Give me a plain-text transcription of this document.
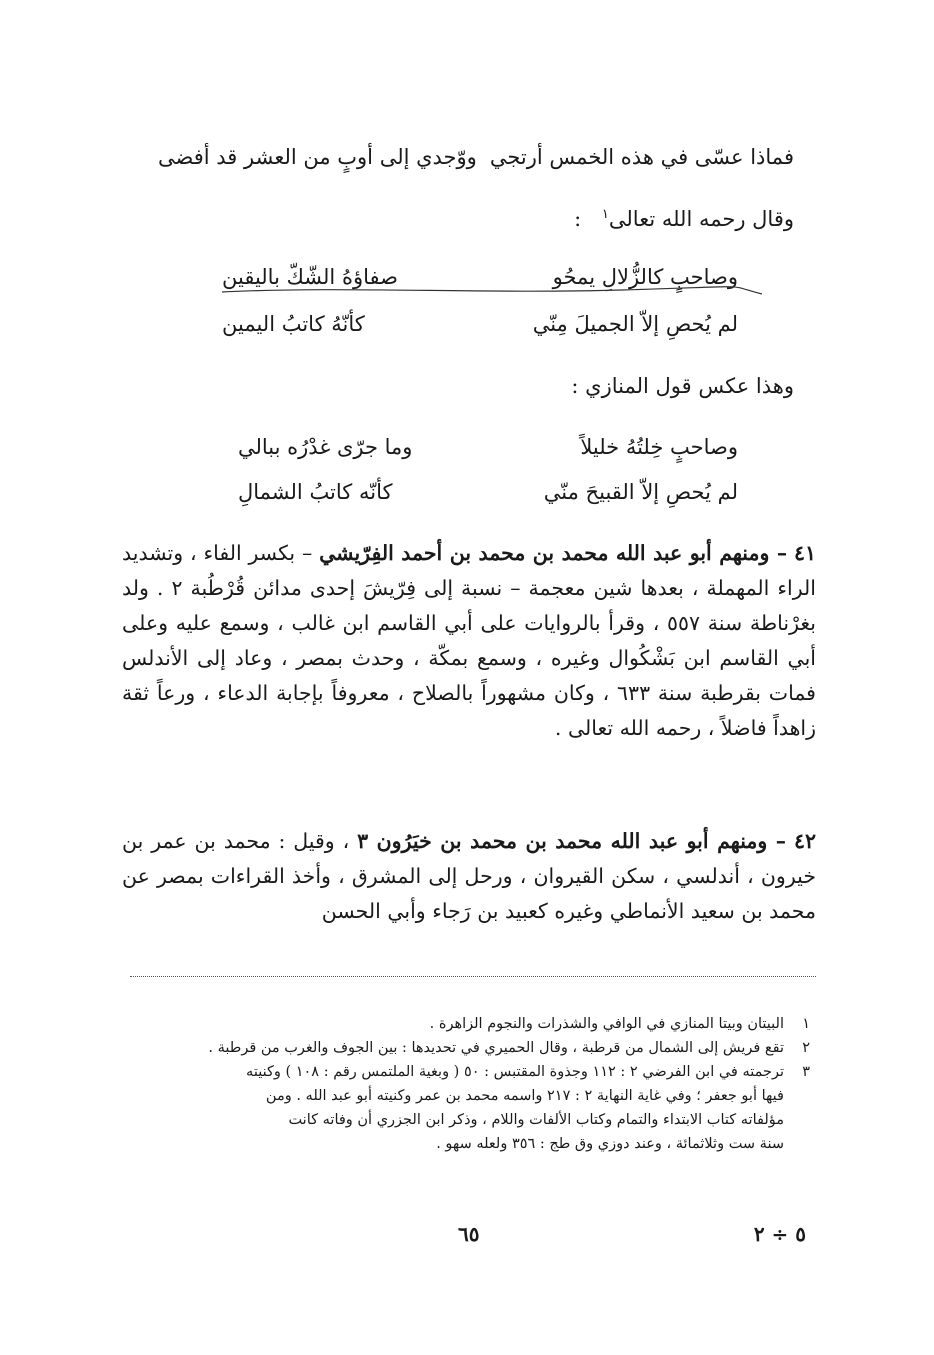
فماذا عسّى في هذه الخمس أرتجي
ووّجدي إلى أوبٍ من العشر قد أفضى
وقال رحمه الله تعالى$^١$ :
وصاحبٍ كالزُّلالِ يمحُو
صفاؤهُ الشّكّ باليقين
لم يُحصِ إلاّ الجميلَ مِنّي
كأنّهُ كاتبُ اليمين
وهذا عكس قول المنازي :
وصاحبٍ خِلتُهُ خليلاً
وما جرّى غدْرُه ببالي
لم يُحصِ إلاّ القبيحَ منّي
كأنّه كاتبُ الشمالِ
٤١ – ومنهم أبو عبد الله محمد بن محمد بن أحمد الفِرّيشي – بكسر الفاء ، وتشديد الراء المهملة ، بعدها شين معجمة – نسبة إلى فِرّيشَ إحدى مدائن قُرْطُبة ٢ . ولد بغرْناطة سنة ٥٥٧ ، وقرأ بالروايات على أبي القاسم ابن غالب ، وسمع عليه وعلى أبي القاسم ابن بَشْكُوال وغيره ، وسمع بمكّة ، وحدث بمصر ، وعاد إلى الأندلس فمات بقرطبة سنة ٦٣٣ ، وكان مشهوراً بالصلاح ، معروفاً بإجابة الدعاء ، ورعاً ثقة زاهداً فاضلاً ، رحمه الله تعالى .
٤٢ – ومنهم أبو عبد الله محمد بن محمد بن خيَرُون ٣ ، وقيل : محمد بن عمر بن خيرون ، أندلسي ، سكن القيروان ، ورحل إلى المشرق ، وأخذ القراءات بمصر عن محمد بن سعيد الأنماطي وغيره كعبيد بن رَجاء وأبي الحسن
١
البيتان وبيتا المنازي في الوافي والشذرات والنجوم الزاهرة .
٢
تقع فريش إلى الشمال من قرطبة ، وقال الحميري في تحديدها : بين الجوف والغرب من قرطبة .
٣
ترجمته في ابن الفرضي ٢ : ١١٢ وجذوة المقتبس : ٥٠ ( وبغية الملتمس رقم : ١٠٨ ) وكنيته
فيها أبو جعفر ؛ وفي غاية النهاية ٢ : ٢١٧ واسمه محمد بن عمر وكنيته أبو عبد الله . ومن
مؤلفاته كتاب الابتداء والتمام وكتاب الألفات واللام ، وذكر ابن الجزري أن وفاته كانت
سنة ست وثلاثمائة ، وعند دوزي وق طج : ٣٥٦ ولعله سهو .
٦٥	٥ ÷ ٢
